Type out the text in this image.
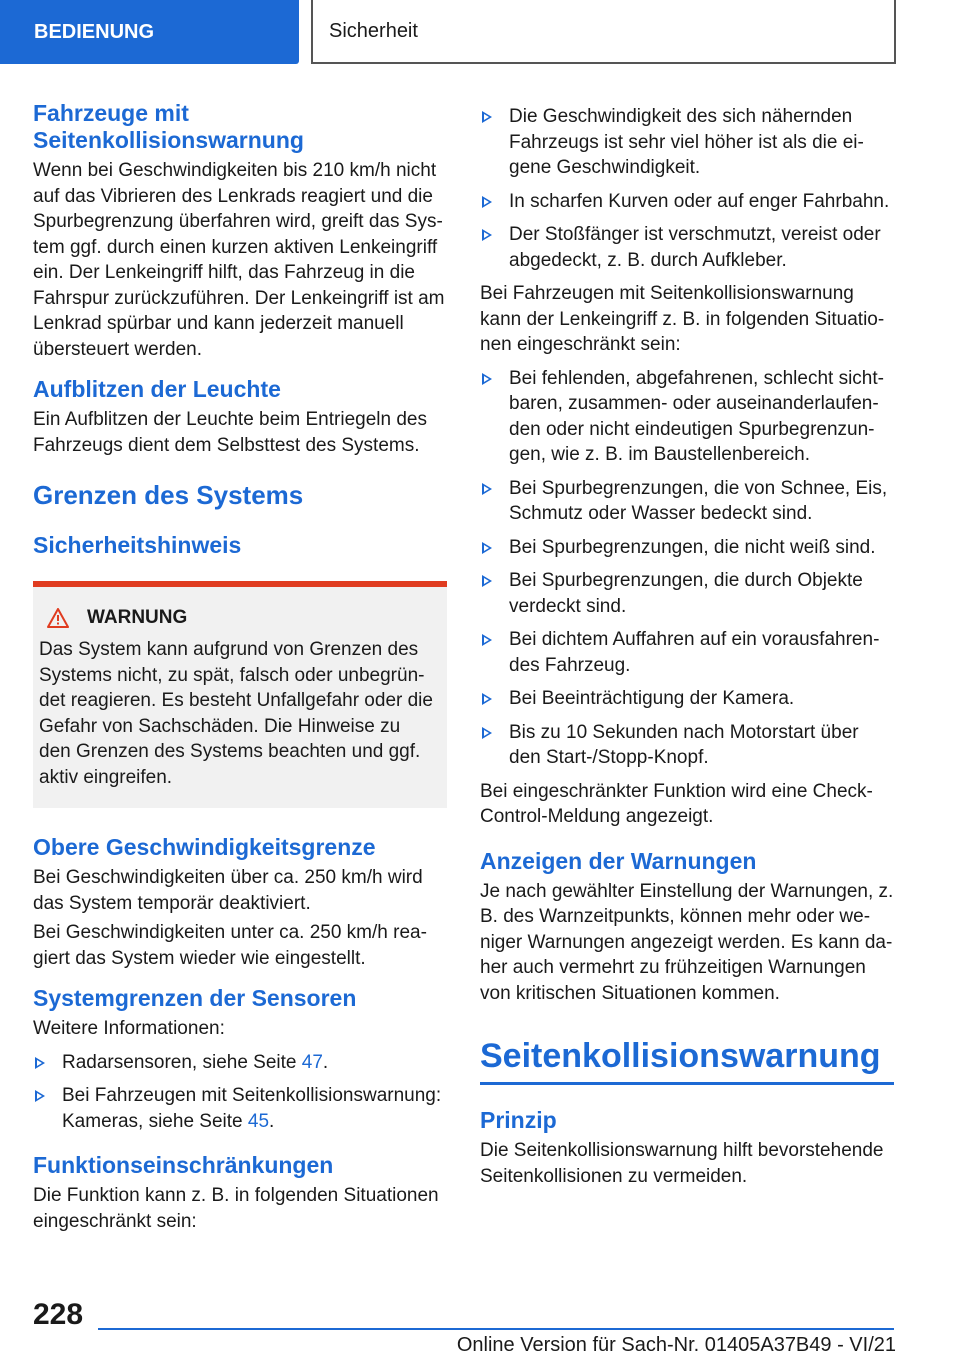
BEDIENUNG	Sicherheit
Fahrzeuge mit Seitenkollisionswarnung

Wenn bei Geschwindigkeiten bis 210 km/h nicht auf das Vibrieren des Lenkrads reagiert und die Spurbegrenzung überfahren wird, greift das System ggf. durch einen kurzen aktiven Lenkeingriff ein. Der Lenkeingriff hilft, das Fahrzeug in die Fahrspur zurückzuführen. Der Lenkeingriff ist am Lenkrad spürbar und kann jederzeit manuell übersteuert werden.

Aufblitzen der Leuchte

Ein Aufblitzen der Leuchte beim Entriegeln des Fahrzeugs dient dem Selbsttest des Systems.

Grenzen des Systems
Sicherheitshinweis
WARNUNG

Das System kann aufgrund von Grenzen des Systems nicht, zu spät, falsch oder unbegründet reagieren. Es besteht Unfallgefahr oder die Gefahr von Sachschäden. Die Hinweise zu den Grenzen des Systems beachten und ggf. aktiv eingreifen.

Obere Geschwindigkeitsgrenze

Bei Geschwindigkeiten über ca. 250 km/h wird das System temporär deaktiviert.

Bei Geschwindigkeiten unter ca. 250 km/h reagiert das System wieder wie eingestellt.

Systemgrenzen der Sensoren

Weitere Informationen:

Radarsensoren, siehe Seite 47.
Bei Fahrzeugen mit Seitenkollisionswarnung: Kameras, siehe Seite 45.
Funktionseinschränkungen

Die Funktion kann z. B. in folgenden Situationen eingeschränkt sein:

Die Geschwindigkeit des sich nähernden Fahrzeugs ist sehr viel höher ist als die eigene Geschwindigkeit.
In scharfen Kurven oder auf enger Fahrbahn.
Der Stoßfänger ist verschmutzt, vereist oder abgedeckt, z. B. durch Aufkleber.

Bei Fahrzeugen mit Seitenkollisionswarnung kann der Lenkeingriff z. B. in folgenden Situationen eingeschränkt sein:

Bei fehlenden, abgefahrenen, schlecht sichtbaren, zusammen- oder auseinanderlaufenden oder nicht eindeutigen Spurbegrenzungen, wie z. B. im Baustellenbereich.
Bei Spurbegrenzungen, die von Schnee, Eis, Schmutz oder Wasser bedeckt sind.
Bei Spurbegrenzungen, die nicht weiß sind.
Bei Spurbegrenzungen, die durch Objekte verdeckt sind.
Bei dichtem Auffahren auf ein vorausfahrendes Fahrzeug.
Bei Beeinträchtigung der Kamera.
Bis zu 10 Sekunden nach Motorstart über den Start-/Stopp-Knopf.

Bei eingeschränkter Funktion wird eine Check-Control-Meldung angezeigt.

Anzeigen der Warnungen

Je nach gewählter Einstellung der Warnungen, z. B. des Warnzeitpunkts, können mehr oder weniger Warnungen angezeigt werden. Es kann daher auch vermehrt zu frühzeitigen Warnungen von kritischen Situationen kommen.

Seitenkollisionswarnung
Prinzip

Die Seitenkollisionswarnung hilft bevorstehende Seitenkollisionen zu vermeiden.

228
Online Version für Sach-Nr. 01405A37B49 - VI/21
